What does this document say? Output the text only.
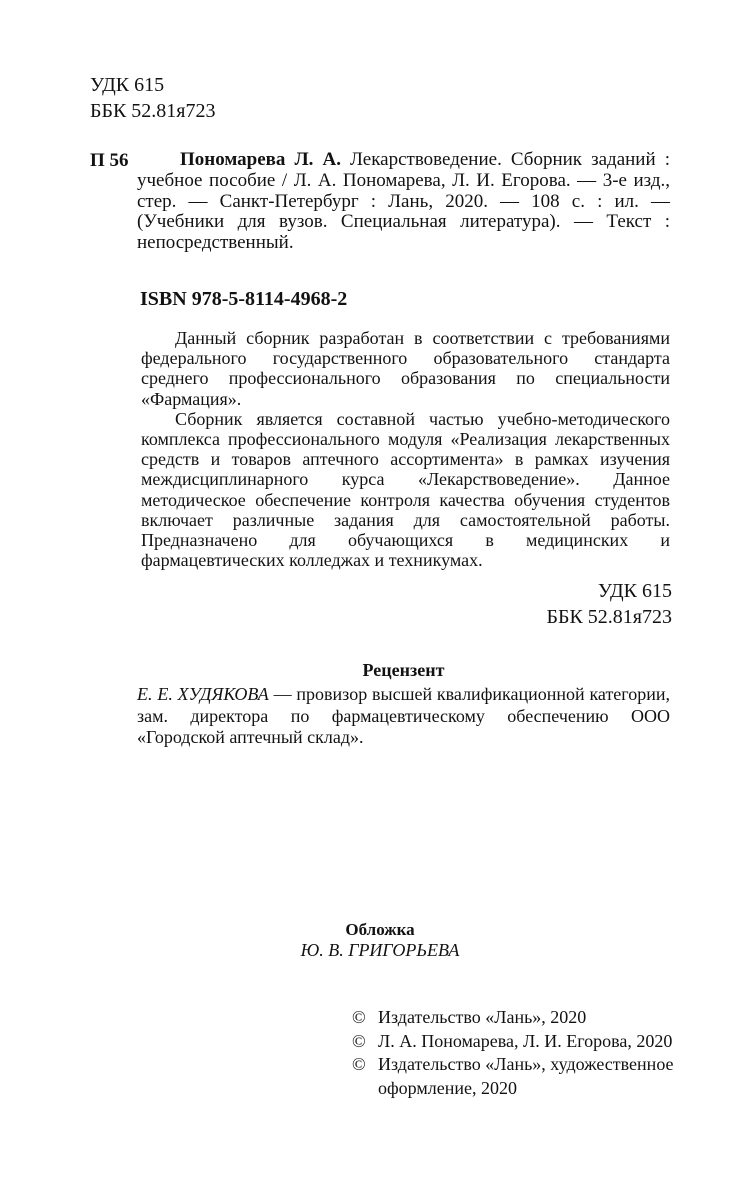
УДК 615
ББК 52.81я723
П 56	Пономарева Л. А. Лекарствоведение. Сборник заданий : учебное пособие / Л. А. Пономарева, Л. И. Егорова. — 3-е изд., стер. — Санкт-Петербург : Лань, 2020. — 108 с. : ил. — (Учебники для вузов. Специальная литература). — Текст : непосредственный.
ISBN 978-5-8114-4968-2

Данный сборник разработан в соответствии с требованиями федерального государственного образовательного стандарта среднего профессионального образования по специальности «Фармация».

Сборник является составной частью учебно-методического комплекса профессионального модуля «Реализация лекарственных средств и товаров аптечного ассортимента» в рамках изучения междисциплинарного курса «Лекарствоведение». Данное методическое обеспечение контроля качества обучения студентов включает различные задания для самостоятельной работы. Предназначено для обучающихся в медицинских и фармацевтических колледжах и техникумах.

УДК 615
ББК 52.81я723

Рецензент

Е. Е. ХУДЯКОВА — провизор высшей квалификационной категории, зам. директора по фармацевтическому обеспечению ООО «Городской аптечный склад».
Обложка
Ю. В. ГРИГОРЬЕВА
© Издательство «Лань», 2020
© Л. А. Пономарева, Л. И. Егорова, 2020
© Издательство «Лань», художественное оформление, 2020
